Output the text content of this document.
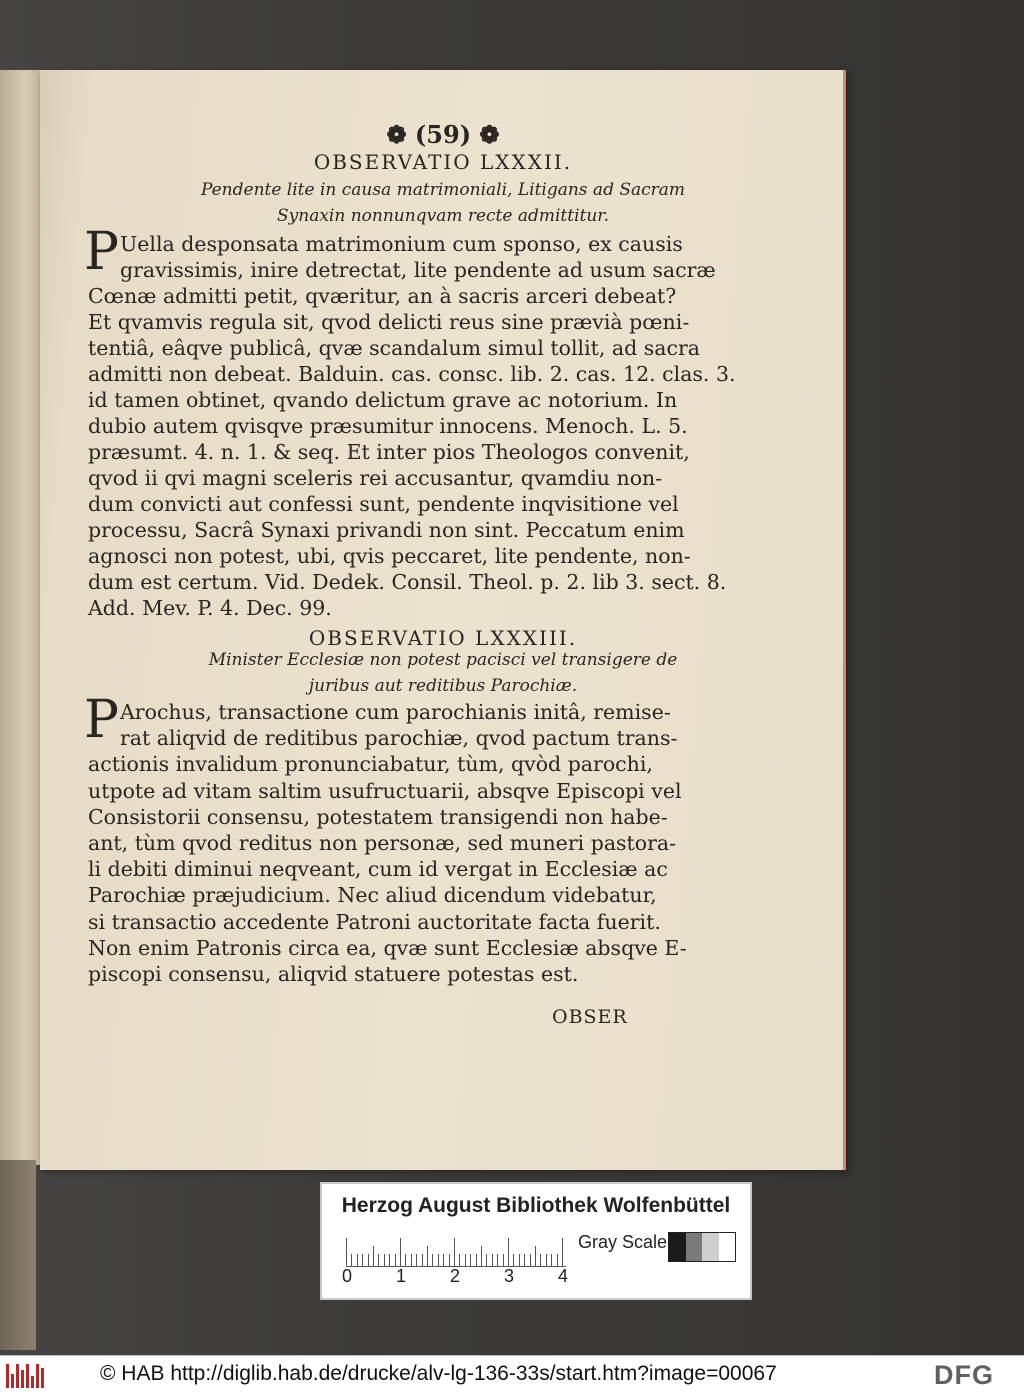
❁ (59) ❁
OBSERVATIO LXXXII.
Pendente lite in causa matrimoniali, Litigans ad Sacram
Synaxin nonnunqvam recte admittitur.
P Uella desponsata matrimonium cum sponso, ex causis
gravissimis, inire detrectat, lite pendente ad usum sacræ
Cœnæ admitti petit, qværitur, an à sacris arceri debeat?
Et qvamvis regula sit, qvod delicti reus sine prævià pœni-
tentiâ, eâqve publicâ, qvæ scandalum simul tollit, ad sacra
admitti non debeat. Balduin. cas. consc. lib. 2. cas. 12. clas. 3.
id tamen obtinet, qvando delictum grave ac notorium. In
dubio autem qvisqve præsumitur innocens. Menoch. L. 5.
præsumt. 4. n. 1. & seq. Et inter pios Theologos convenit,
qvod ii qvi magni sceleris rei accusantur, qvamdiu non-
dum convicti aut confessi sunt, pendente inqvisitione vel
processu, Sacrâ Synaxi privandi non sint. Peccatum enim
agnosci non potest, ubi, qvis peccaret, lite pendente, non-
dum est certum. Vid. Dedek. Consil. Theol. p. 2. lib 3. sect. 8.
Add. Mev. P. 4. Dec. 99.
OBSERVATIO LXXXIII.
Minister Ecclesiæ non potest pacisci vel transigere de
juribus aut reditibus Parochiæ.
P Arochus, transactione cum parochianis initâ, remise-
rat aliqvid de reditibus parochiæ, qvod pactum trans-
actionis invalidum pronunciabatur, tùm, qvòd parochi,
utpote ad vitam saltim usufructuarii, absqve Episcopi vel
Consistorii consensu, potestatem transigendi non habe-
ant, tùm qvod reditus non personæ, sed muneri pastora-
li debiti diminui neqveant, cum id vergat in Ecclesiæ ac
Parochiæ præjudicium. Nec aliud dicendum videbatur,
si transactio accedente Patroni auctoritate facta fuerit.
Non enim Patronis circa ea, qvæ sunt Ecclesiæ absqve E-
piscopi consensu, aliqvid statuere potestas est.
OBSER
Herzog August Bibliothek Wolfenbüttel
0 1 2 3 4
Gray Scale
© HAB http://diglib.hab.de/drucke/alv-lg-136-33s/start.htm?image=00067	DFG
